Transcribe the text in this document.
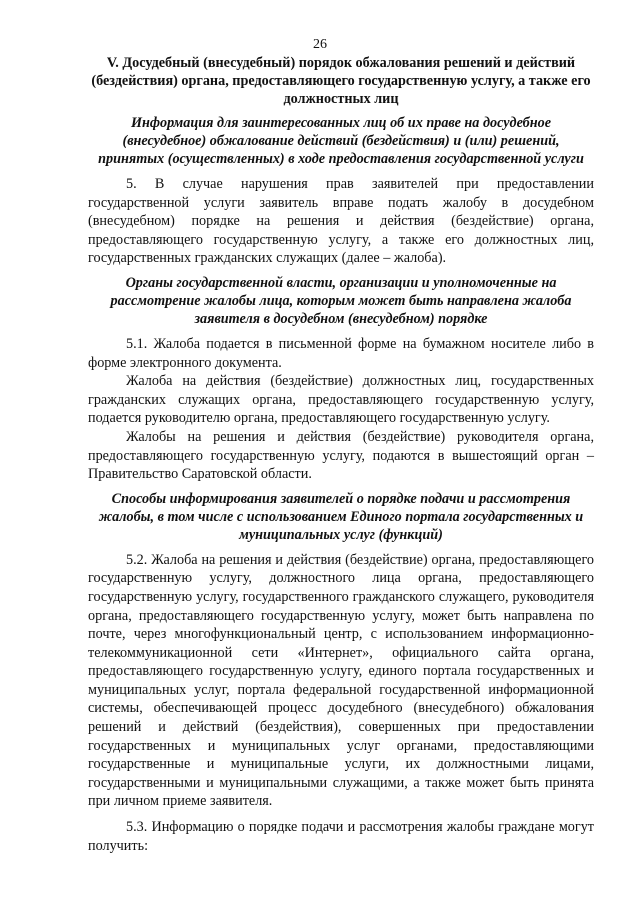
26
V. Досудебный (внесудебный) порядок обжалования решений и действий (бездействия) органа, предоставляющего государственную услугу, а также его должностных лиц
Информация для заинтересованных лиц об их праве на досудебное (внесудебное) обжалование действий (бездействия) и (или) решений, принятых (осуществленных) в ходе предоставления государственной услуги

5. В случае нарушения прав заявителей при предоставлении государственной услуги заявитель вправе подать жалобу в досудебном (внесудебном) порядке на решения и действия (бездействие) органа, предоставляющего государственную услугу, а также его должностных лиц, государственных гражданских служащих (далее – жалоба).

Органы государственной власти, организации и уполномоченные на рассмотрение жалобы лица, которым может быть направлена жалоба заявителя в досудебном (внесудебном) порядке

5.1. Жалоба подается в письменной форме на бумажном носителе либо в форме электронного документа.

Жалоба на действия (бездействие) должностных лиц, государственных гражданских служащих органа, предоставляющего государственную услугу, подается руководителю органа, предоставляющего государственную услугу.

Жалобы на решения и действия (бездействие) руководителя органа, предоставляющего государственную услугу, подаются в вышестоящий орган – Правительство Саратовской области.

Способы информирования заявителей о порядке подачи и рассмотрения жалобы, в том числе с использованием Единого портала государственных и муниципальных услуг (функций)

5.2. Жалоба на решения и действия (бездействие) органа, предоставляющего государственную услугу, должностного лица органа, предоставляющего государственную услугу, государственного гражданского служащего, руководителя органа, предоставляющего государственную услугу, может быть направлена по почте, через многофункциональный центр, с использованием информационно-телекоммуникационной сети «Интернет», официального сайта органа, предоставляющего государственную услугу, единого портала государственных и муниципальных услуг, портала федеральной государственной информационной системы, обеспечивающей процесс досудебного (внесудебного) обжалования решений и действий (бездействия), совершенных при предоставлении государственных и муниципальных услуг органами, предоставляющими государственные и муниципальные услуги, их должностными лицами, государственными и муниципальными служащими, а также может быть принята при личном приеме заявителя.

5.3. Информацию о порядке подачи и рассмотрения жалобы граждане могут получить:
